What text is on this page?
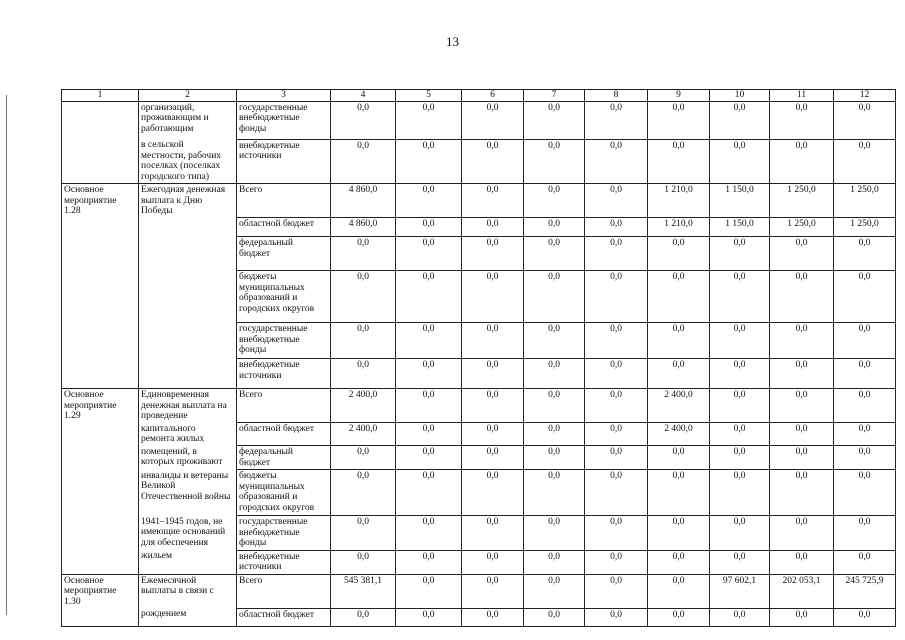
13
1	2	3	4	5	6	7	8	9	10	11	12
	организаций,
проживающим и
работающим	государственные
внебюджетные
фонды	0,0	0,0	0,0	0,0	0,0	0,0	0,0	0,0	0,0
	в сельской
местности, рабочих
поселках (поселках
городского типа)	внебюджетные
источники	0,0	0,0	0,0	0,0	0,0	0,0	0,0	0,0	0,0
Основное
мероприятие
1.28	Ежегодная денежная
выплата к Дню
Победы	Всего	4 860,0	0,0	0,0	0,0	0,0	1 210,0	1 150,0	1 250,0	1 250,0
		областной бюджет	4 860,0	0,0	0,0	0,0	0,0	1 210,0	1 150,0	1 250,0	1 250,0
		федеральный
бюджет	0,0	0,0	0,0	0,0	0,0	0,0	0,0	0,0	0,0
		бюджеты
муниципальных
образований и
городских округов	0,0	0,0	0,0	0,0	0,0	0,0	0,0	0,0	0,0
		государственные
внебюджетные
фонды	0,0	0,0	0,0	0,0	0,0	0,0	0,0	0,0	0,0
		внебюджетные
источники	0,0	0,0	0,0	0,0	0,0	0,0	0,0	0,0	0,0
Основное
мероприятие
1.29	Единовременная
денежная выплата на
проведение	Всего	2 400,0	0,0	0,0	0,0	0,0	2 400,0	0,0	0,0	0,0
	капитального
ремонта жилых	областной бюджет	2 400,0	0,0	0,0	0,0	0,0	2 400,0	0,0	0,0	0,0
	помещений, в
которых проживают	федеральный
бюджет	0,0	0,0	0,0	0,0	0,0	0,0	0,0	0,0	0,0
	инвалиды и ветераны
Великой
Отечественной войны	бюджеты
муниципальных
образований и
городских округов	0,0	0,0	0,0	0,0	0,0	0,0	0,0	0,0	0,0
	1941–1945 годов, не
имеющие оснований
для обеспечения	государственные
внебюджетные
фонды	0,0	0,0	0,0	0,0	0,0	0,0	0,0	0,0	0,0
	жильем	внебюджетные
источники	0,0	0,0	0,0	0,0	0,0	0,0	0,0	0,0	0,0
Основное
мероприятие
1.30	Ежемесячной
выплаты в связи с	Всего	545 381,1	0,0	0,0	0,0	0,0	0,0	97 602,1	202 053,1	245 725,9
	рождением	областной бюджет	0,0	0,0	0,0	0,0	0,0	0,0	0,0	0,0	0,0
